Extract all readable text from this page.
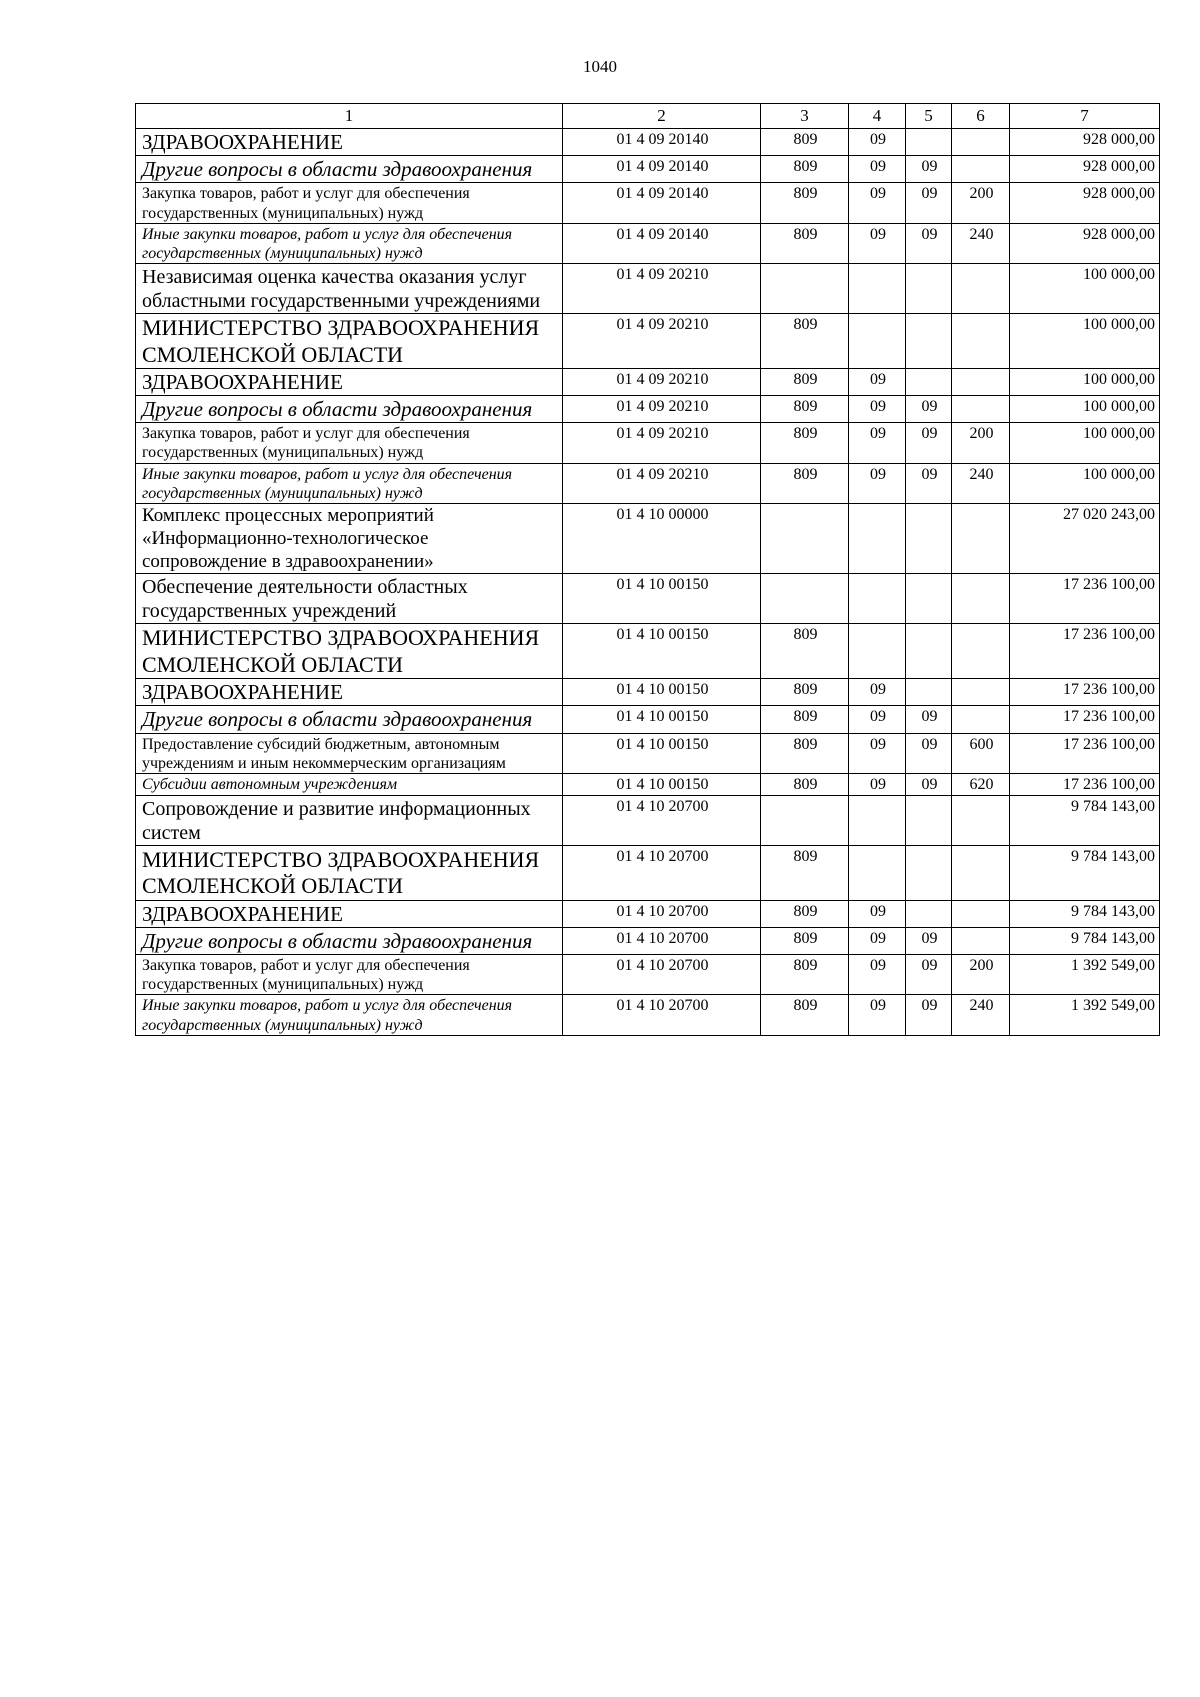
1040
1	2	3	4	5	6	7
ЗДРАВООХРАНЕНИЕ	01 4 09 20140	809	09			928 000,00
Другие вопросы в области здравоохранения	01 4 09 20140	809	09	09		928 000,00
Закупка товаров, работ и услуг для обеспечения государственных (муниципальных) нужд	01 4 09 20140	809	09	09	200	928 000,00
Иные закупки товаров, работ и услуг для обеспечения государственных (муниципальных) нужд	01 4 09 20140	809	09	09	240	928 000,00
Независимая оценка качества оказания услуг областными государственными учреждениями	01 4 09 20210					100 000,00
МИНИСТЕРСТВО ЗДРАВООХРАНЕНИЯ СМОЛЕНСКОЙ ОБЛАСТИ	01 4 09 20210	809				100 000,00
ЗДРАВООХРАНЕНИЕ	01 4 09 20210	809	09			100 000,00
Другие вопросы в области здравоохранения	01 4 09 20210	809	09	09		100 000,00
Закупка товаров, работ и услуг для обеспечения государственных (муниципальных) нужд	01 4 09 20210	809	09	09	200	100 000,00
Иные закупки товаров, работ и услуг для обеспечения государственных (муниципальных) нужд	01 4 09 20210	809	09	09	240	100 000,00
Комплекс процессных мероприятий «Информационно-технологическое сопровождение в здравоохранении»	01 4 10 00000					27 020 243,00
Обеспечение деятельности областных государственных учреждений	01 4 10 00150					17 236 100,00
МИНИСТЕРСТВО ЗДРАВООХРАНЕНИЯ СМОЛЕНСКОЙ ОБЛАСТИ	01 4 10 00150	809				17 236 100,00
ЗДРАВООХРАНЕНИЕ	01 4 10 00150	809	09			17 236 100,00
Другие вопросы в области здравоохранения	01 4 10 00150	809	09	09		17 236 100,00
Предоставление субсидий бюджетным, автономным учреждениям и иным некоммерческим организациям	01 4 10 00150	809	09	09	600	17 236 100,00
Субсидии автономным учреждениям	01 4 10 00150	809	09	09	620	17 236 100,00
Сопровождение и развитие информационных систем	01 4 10 20700					9 784 143,00
МИНИСТЕРСТВО ЗДРАВООХРАНЕНИЯ СМОЛЕНСКОЙ ОБЛАСТИ	01 4 10 20700	809				9 784 143,00
ЗДРАВООХРАНЕНИЕ	01 4 10 20700	809	09			9 784 143,00
Другие вопросы в области здравоохранения	01 4 10 20700	809	09	09		9 784 143,00
Закупка товаров, работ и услуг для обеспечения государственных (муниципальных) нужд	01 4 10 20700	809	09	09	200	1 392 549,00
Иные закупки товаров, работ и услуг для обеспечения государственных (муниципальных) нужд	01 4 10 20700	809	09	09	240	1 392 549,00
